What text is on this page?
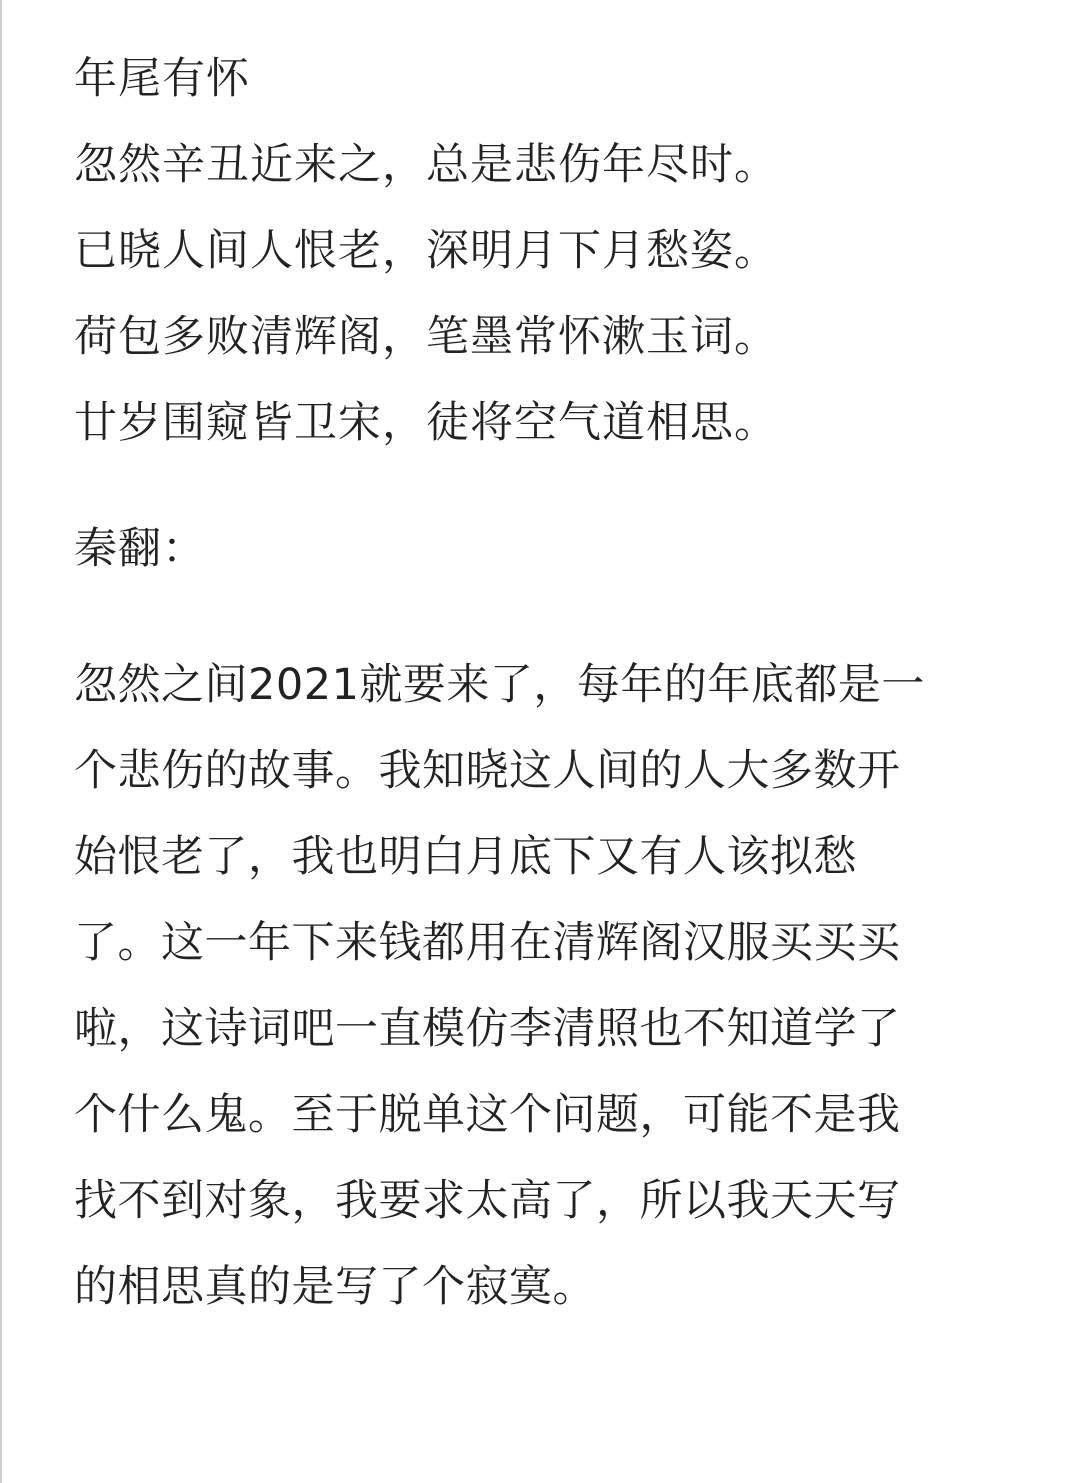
年尾有怀
忽然辛丑近来之，总是悲伤年尽时。
已晓人间人恨老，深明月下月愁姿。
荷包多败清辉阁，笔墨常怀漱玉词。
廿岁围窥皆卫宋，徒将空气道相思。
秦翻：
忽然之间2021就要来了，每年的年底都是一
个悲伤的故事。我知晓这人间的人大多数开
始恨老了，我也明白月底下又有人该拟愁
了。这一年下来钱都用在清辉阁汉服买买买
啦，这诗词吧一直模仿李清照也不知道学了
个什么鬼。至于脱单这个问题，可能不是我
找不到对象，我要求太高了，所以我天天写
的相思真的是写了个寂寞。
